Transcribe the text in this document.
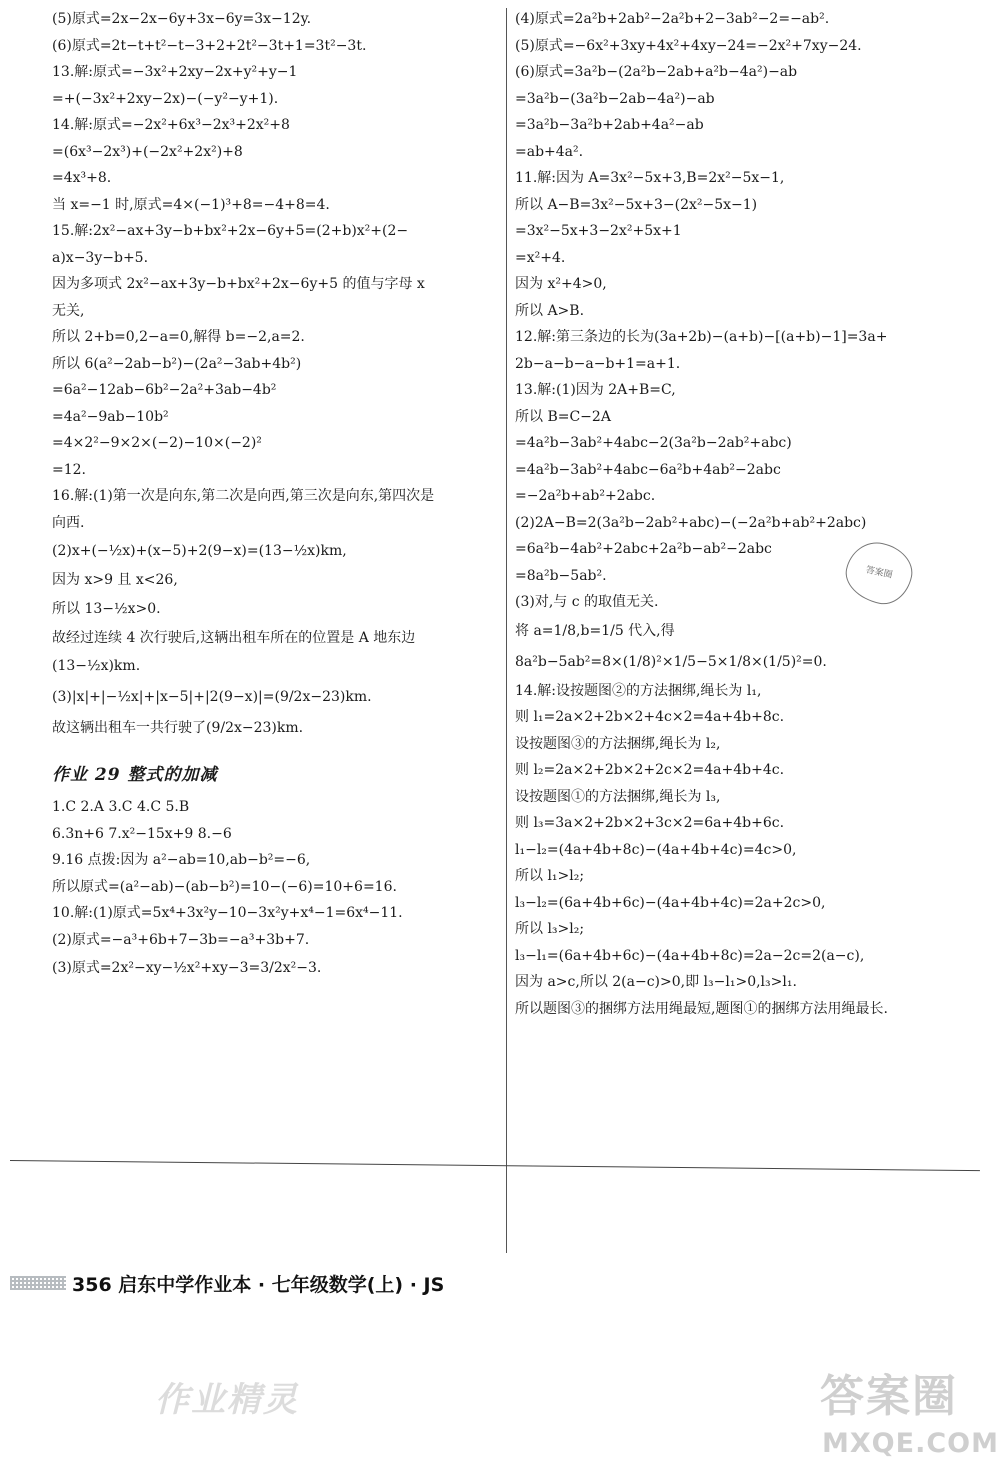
(5)原式=2x−2x−6y+3x−6y=3x−12y.
(6)原式=2t−t+t²−t−3+2+2t²−3t+1=3t²−3t.
13.解:原式=−3x²+2xy−2x+y²+y−1
=+(−3x²+2xy−2x)−(−y²−y+1).
14.解:原式=−2x²+6x³−2x³+2x²+8
=(6x³−2x³)+(−2x²+2x²)+8
=4x³+8.
当 x=−1 时,原式=4×(−1)³+8=−4+8=4.
15.解:2x²−ax+3y−b+bx²+2x−6y+5=(2+b)x²+(2−
a)x−3y−b+5.
因为多项式 2x²−ax+3y−b+bx²+2x−6y+5 的值与字母 x
无关,
所以 2+b=0,2−a=0,解得 b=−2,a=2.
所以 6(a²−2ab−b²)−(2a²−3ab+4b²)
=6a²−12ab−6b²−2a²+3ab−4b²
=4a²−9ab−10b²
=4×2²−9×2×(−2)−10×(−2)²
=12.
16.解:(1)第一次是向东,第二次是向西,第三次是向东,第四次是
向西.
(2)x+(−½x)+(x−5)+2(9−x)=(13−½x)km,
因为 x>9 且 x<26,
所以 13−½x>0.
故经过连续 4 次行驶后,这辆出租车所在的位置是 A 地东边
(13−½x)km.
(3)|x|+|−½x|+|x−5|+|2(9−x)|=(9/2x−23)km.
故这辆出租车一共行驶了(9/2x−23)km.
作业 29 整式的加减
1.C 2.A 3.C 4.C 5.B
6.3n+6 7.x²−15x+9 8.−6
9.16 点拨:因为 a²−ab=10,ab−b²=−6,
所以原式=(a²−ab)−(ab−b²)=10−(−6)=10+6=16.
10.解:(1)原式=5x⁴+3x²y−10−3x²y+x⁴−1=6x⁴−11.
(2)原式=−a³+6b+7−3b=−a³+3b+7.
(3)原式=2x²−xy−½x²+xy−3=3/2x²−3.
(4)原式=2a²b+2ab²−2a²b+2−3ab²−2=−ab².
(5)原式=−6x²+3xy+4x²+4xy−24=−2x²+7xy−24.
(6)原式=3a²b−(2a²b−2ab+a²b−4a²)−ab
=3a²b−(3a²b−2ab−4a²)−ab
=3a²b−3a²b+2ab+4a²−ab
=ab+4a².
11.解:因为 A=3x²−5x+3,B=2x²−5x−1,
所以 A−B=3x²−5x+3−(2x²−5x−1)
=3x²−5x+3−2x²+5x+1
=x²+4.
因为 x²+4>0,
所以 A>B.
12.解:第三条边的长为(3a+2b)−(a+b)−[(a+b)−1]=3a+
2b−a−b−a−b+1=a+1.
13.解:(1)因为 2A+B=C,
所以 B=C−2A
=4a²b−3ab²+4abc−2(3a²b−2ab²+abc)
=4a²b−3ab²+4abc−6a²b+4ab²−2abc
=−2a²b+ab²+2abc.
(2)2A−B=2(3a²b−2ab²+abc)−(−2a²b+ab²+2abc)
=6a²b−4ab²+2abc+2a²b−ab²−2abc
=8a²b−5ab².
(3)对,与 c 的取值无关.
将 a=1/8,b=1/5 代入,得
8a²b−5ab²=8×(1/8)²×1/5−5×1/8×(1/5)²=0.
14.解:设按题图②的方法捆绑,绳长为 l₁,
则 l₁=2a×2+2b×2+4c×2=4a+4b+8c.
设按题图③的方法捆绑,绳长为 l₂,
则 l₂=2a×2+2b×2+2c×2=4a+4b+4c.
设按题图①的方法捆绑,绳长为 l₃,
则 l₃=3a×2+2b×2+3c×2=6a+4b+6c.
l₁−l₂=(4a+4b+8c)−(4a+4b+4c)=4c>0,
所以 l₁>l₂;
l₃−l₂=(6a+4b+6c)−(4a+4b+4c)=2a+2c>0,
所以 l₃>l₂;
l₃−l₁=(6a+4b+6c)−(4a+4b+8c)=2a−2c=2(a−c),
因为 a>c,所以 2(a−c)>0,即 l₃−l₁>0,l₃>l₁.
所以题图③的捆绑方法用绳最短,题图①的捆绑方法用绳最长.
答案圈
356 启东中学作业本 · 七年级数学(上) · JS
作业精灵	答案圈
MXQE.COM
